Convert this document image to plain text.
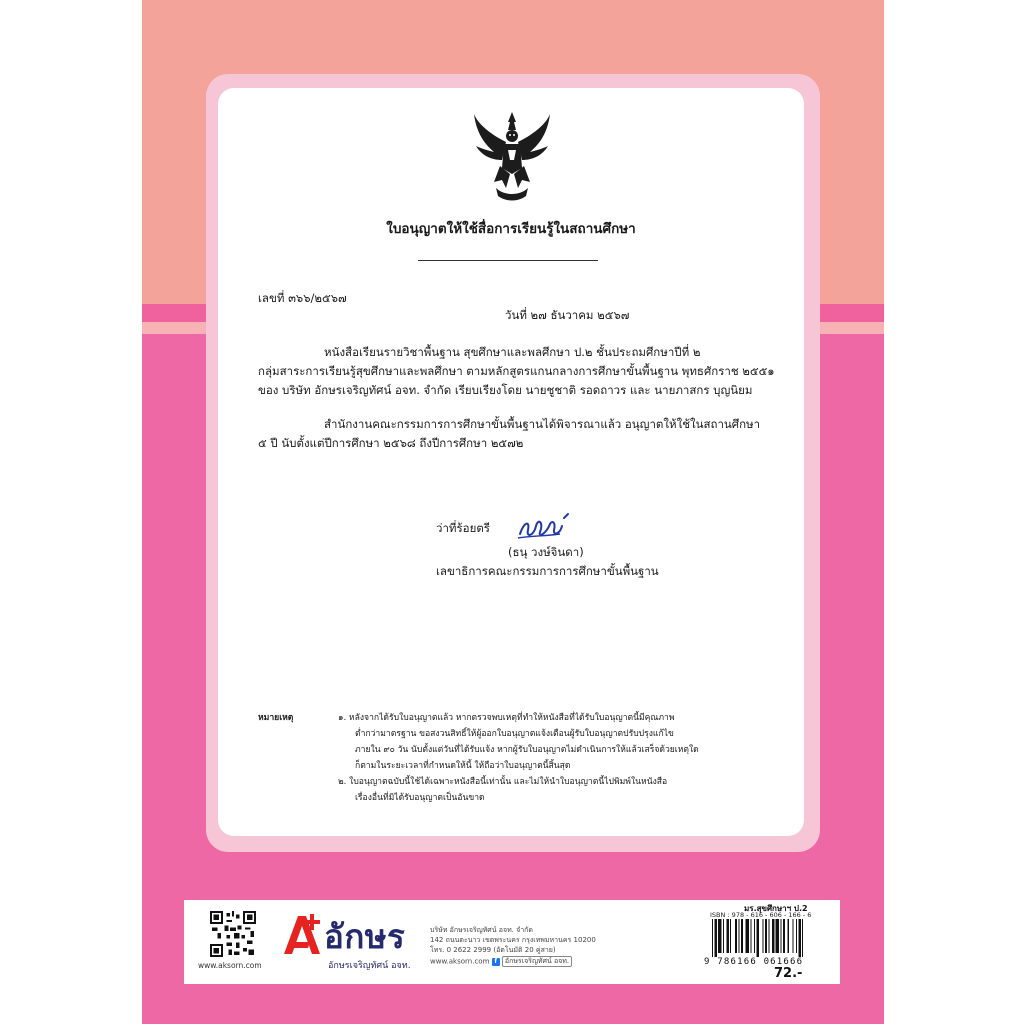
ใบอนุญาตให้ใช้สื่อการเรียนรู้ในสถานศึกษา
เลขที่ ๓๖๖/๒๕๖๗
วันที่ ๒๗ ธันวาคม ๒๕๖๗
หนังสือเรียนรายวิชาพื้นฐาน สุขศึกษาและพลศึกษา ป.๒ ชั้นประถมศึกษาปีที่ ๒
กลุ่มสาระการเรียนรู้สุขศึกษาและพลศึกษา ตามหลักสูตรแกนกลางการศึกษาขั้นพื้นฐาน พุทธศักราช ๒๕๕๑
ของ บริษัท อักษรเจริญทัศน์ อจท. จำกัด เรียบเรียงโดย นายชูชาติ รอดถาวร และ นายภาสกร บุญนิยม
สำนักงานคณะกรรมการการศึกษาขั้นพื้นฐานได้พิจารณาแล้ว อนุญาตให้ใช้ในสถานศึกษา
๕ ปี นับตั้งแต่ปีการศึกษา ๒๕๖๘ ถึงปีการศึกษา ๒๕๗๒
ว่าที่ร้อยตรี
(ธนุ วงษ์จินดา)
เลขาธิการคณะกรรมการการศึกษาขั้นพื้นฐาน
หมายเหตุ	๑. หลังจากได้รับใบอนุญาตแล้ว หากตรวจพบเหตุที่ทำให้หนังสือที่ได้รับใบอนุญาตนี้มีคุณภาพ
ต่ำกว่ามาตรฐาน ขอสงวนสิทธิ์ให้ผู้ออกใบอนุญาตแจ้งเตือนผู้รับใบอนุญาตปรับปรุงแก้ไข
ภายใน ๙๐ วัน นับตั้งแต่วันที่ได้รับแจ้ง หากผู้รับใบอนุญาตไม่ดำเนินการให้แล้วเสร็จด้วยเหตุใด
ก็ตามในระยะเวลาที่กำหนดให้นี้ ให้ถือว่าใบอนุญาตนี้สิ้นสุด
๒. ใบอนุญาตฉบับนี้ใช้ได้เฉพาะหนังสือนี้เท่านั้น และไม่ให้นำใบอนุญาตนี้ไปพิมพ์ในหนังสือ
เรื่องอื่นที่มิได้รับอนุญาตเป็นอันขาด
www.aksorn.com
อักษร
อักษรเจริญทัศน์ อจท.
บริษัท อักษรเจริญทัศน์ อจท. จำกัด
142 ถนนตะนาว เขตพระนคร กรุงเทพมหานคร 10200
โทร. 0 2622 2999 (อัตโนมัติ 20 คู่สาย)
www.aksorn.com f อักษรเจริญทัศน์ อจท.
มร.สุขศึกษาฯ ป.2
ISBN : 978 - 616 - 606 - 166 - 6
9 786166 061666
72.-
